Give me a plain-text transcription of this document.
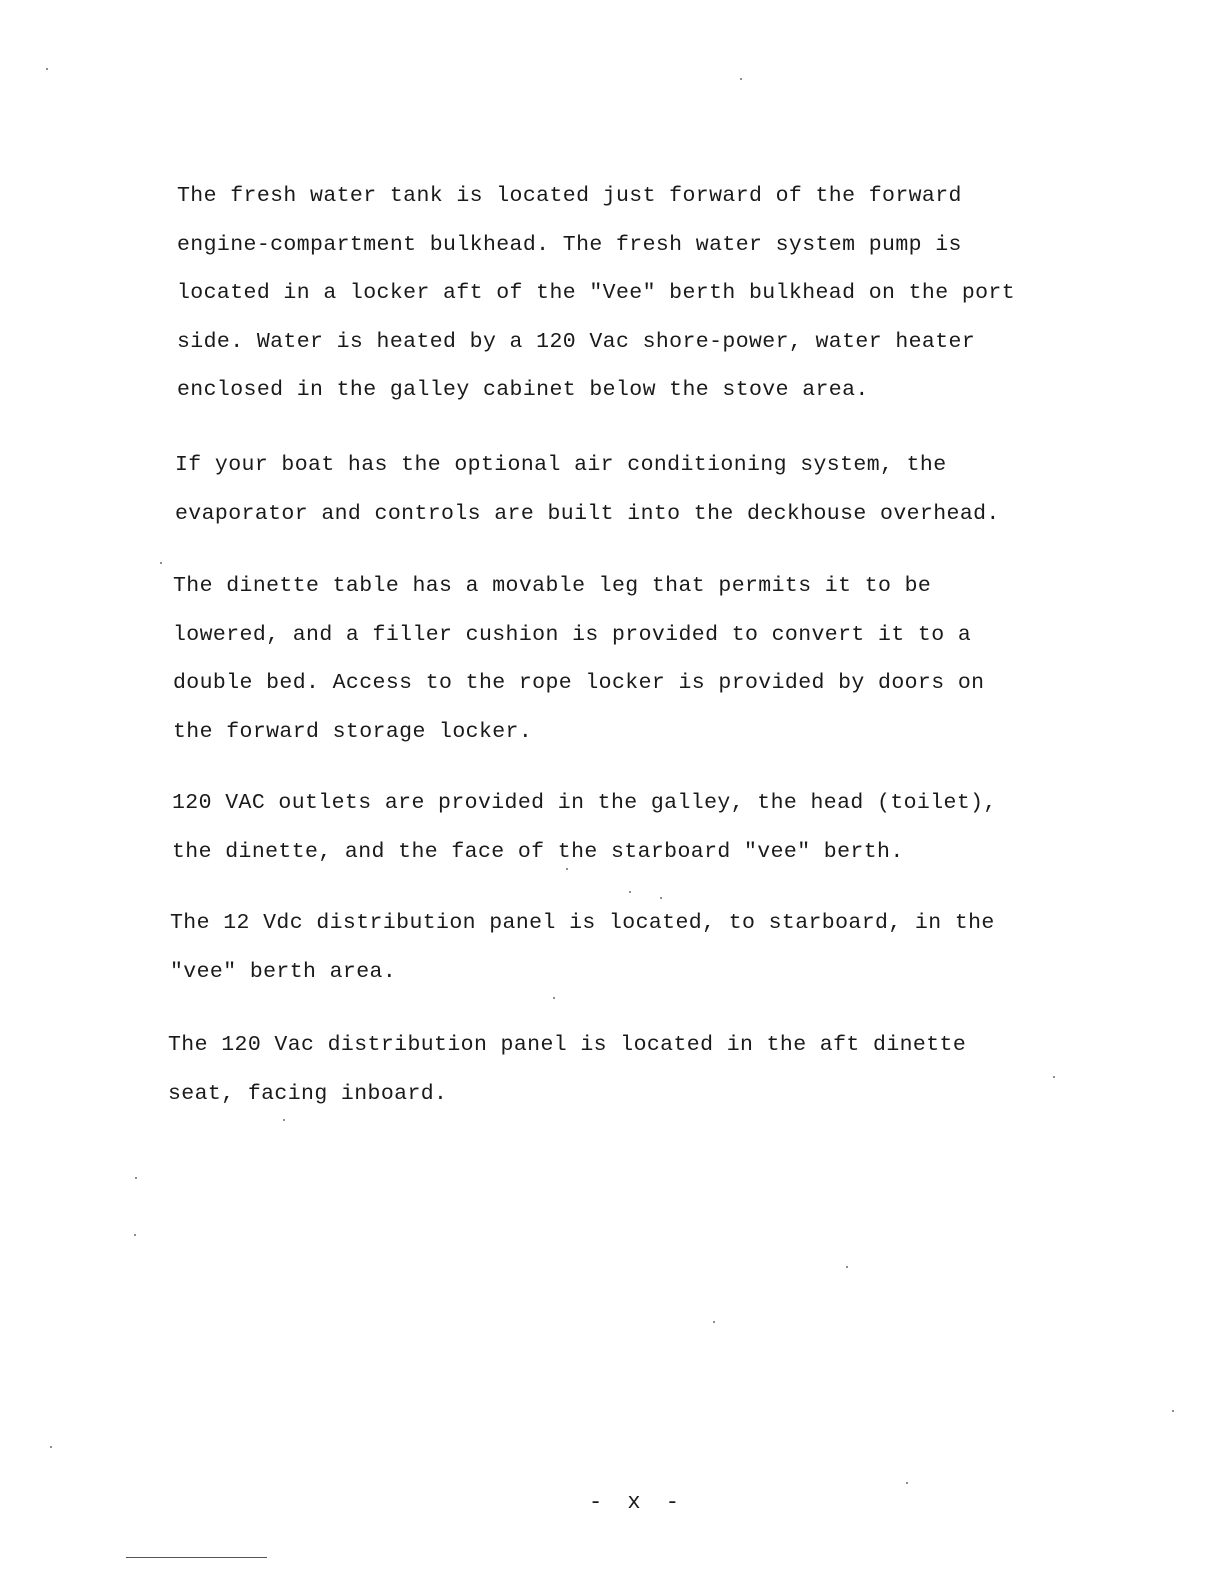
The fresh water tank is located just forward of the forward
engine-compartment bulkhead. The fresh water system pump is
located in a locker aft of the "Vee" berth bulkhead on the port
side. Water is heated by a 120 Vac shore-power, water heater
enclosed in the galley cabinet below the stove area.

If your boat has the optional air conditioning system, the
evaporator and controls are built into the deckhouse overhead.

The dinette table has a movable leg that permits it to be
lowered, and a filler cushion is provided to convert it to a
double bed. Access to the rope locker is provided by doors on
the forward storage locker.

120 VAC outlets are provided in the galley, the head (toilet),
the dinette, and the face of the starboard "vee" berth.

The 12 Vdc distribution panel is located, to starboard, in the
"vee" berth area.

The 120 Vac distribution panel is located in the aft dinette
seat, facing inboard.

- x -
